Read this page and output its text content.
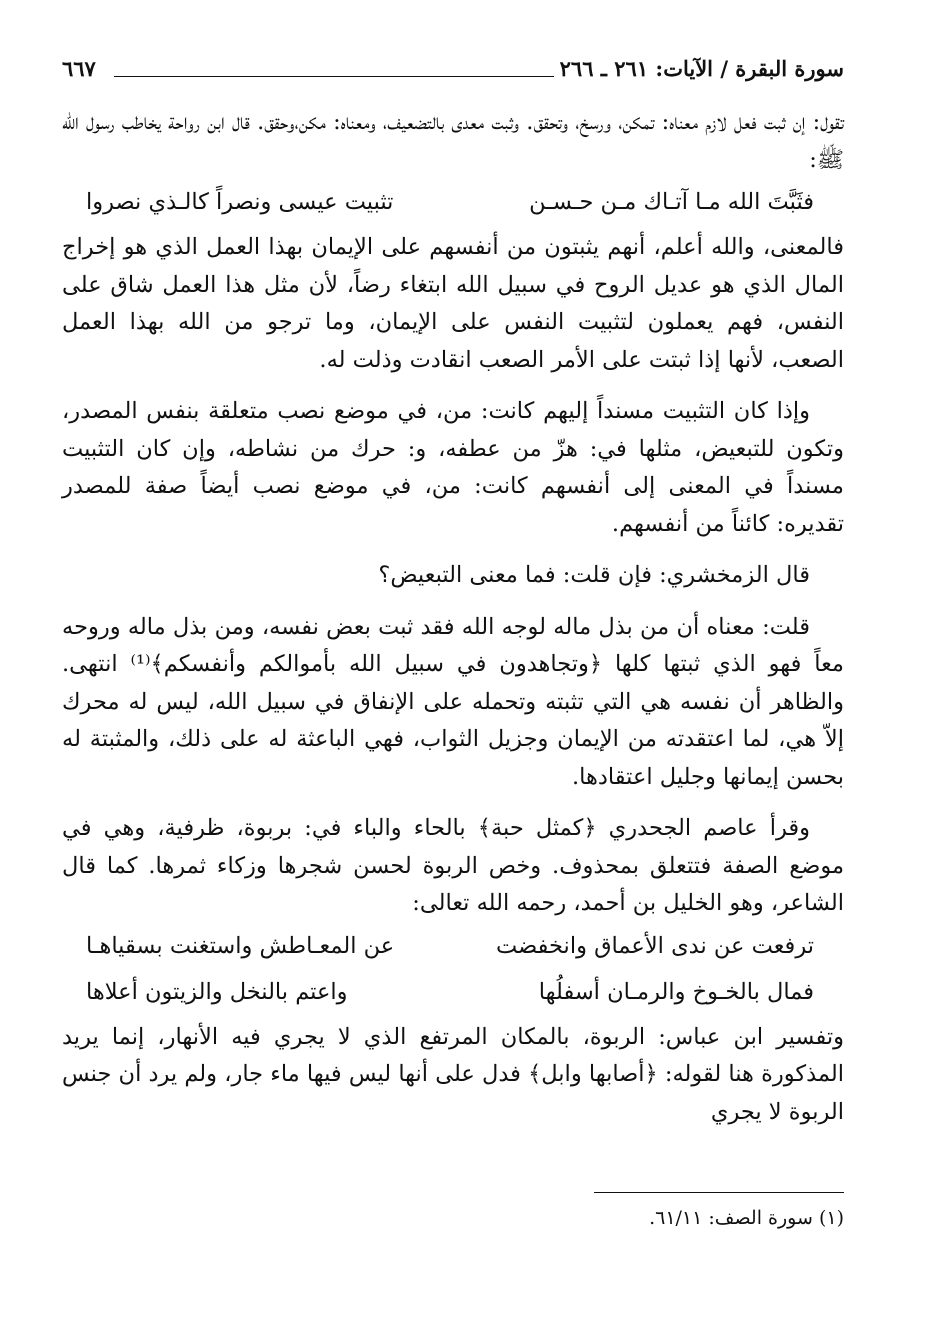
سورة البقرة / الآيات: ٢٦١ ـ ٢٦٦
٦٦٧

تقول: إن ثبت فعل لازم معناه: تمكن، ورسخ، وتحقق. وثبت معدى بالتضعيف، ومعناه: مكن،وحقق. قال ابن رواحة يخاطب رسول الله ﷺ:

فثَبَّتَ الله مـا آتـاك مـن حـسـن
تثبيت عيسى ونصراً كالـذي نصروا

فالمعنى، والله أعلم، أنهم يثبتون من أنفسهم على الإيمان بهذا العمل الذي هو إخراج المال الذي هو عديل الروح في سبيل الله ابتغاء رضاً، لأن مثل هذا العمل شاق على النفس، فهم يعملون لتثبيت النفس على الإيمان، وما ترجو من الله بهذا العمل الصعب، لأنها إذا ثبتت على الأمر الصعب انقادت وذلت له.

وإذا كان التثبيت مسنداً إليهم كانت: من، في موضع نصب متعلقة بنفس المصدر، وتكون للتبعيض، مثلها في: هزّ من عطفه، و: حرك من نشاطه، وإن كان التثبيت مسنداً في المعنى إلى أنفسهم كانت: من، في موضع نصب أيضاً صفة للمصدر تقديره: كائناً من أنفسهم.

قال الزمخشري: فإن قلت: فما معنى التبعيض؟

قلت: معناه أن من بذل ماله لوجه الله فقد ثبت بعض نفسه، ومن بذل ماله وروحه معاً فهو الذي ثبتها كلها ﴿وتجاهدون في سبيل الله بأموالكم وأنفسكم﴾⁽¹⁾ انتهى. والظاهر أن نفسه هي التي تثبته وتحمله على الإنفاق في سبيل الله، ليس له محرك إلاّ هي، لما اعتقدته من الإيمان وجزيل الثواب، فهي الباعثة له على ذلك، والمثبتة له بحسن إيمانها وجليل اعتقادها.

وقرأ عاصم الجحدري ﴿كمثل حبة﴾ بالحاء والباء في: بربوة، ظرفية، وهي في موضع الصفة فتتعلق بمحذوف. وخص الربوة لحسن شجرها وزكاء ثمرها. كما قال الشاعر، وهو الخليل بن أحمد، رحمه الله تعالى:

ترفعت عن ندى الأعماق وانخفضت
عن المعـاطش واستغنت بسقياهـا
فمال بالخـوخ والرمـان أسفلُها
واعتم بالنخل والزيتون أعلاها

وتفسير ابن عباس: الربوة، بالمكان المرتفع الذي لا يجري فيه الأنهار، إنما يريد المذكورة هنا لقوله: ﴿أصابها وابل﴾ فدل على أنها ليس فيها ماء جار، ولم يرد أن جنس الربوة لا يجري

(١) سورة الصف: ٦١/١١.
